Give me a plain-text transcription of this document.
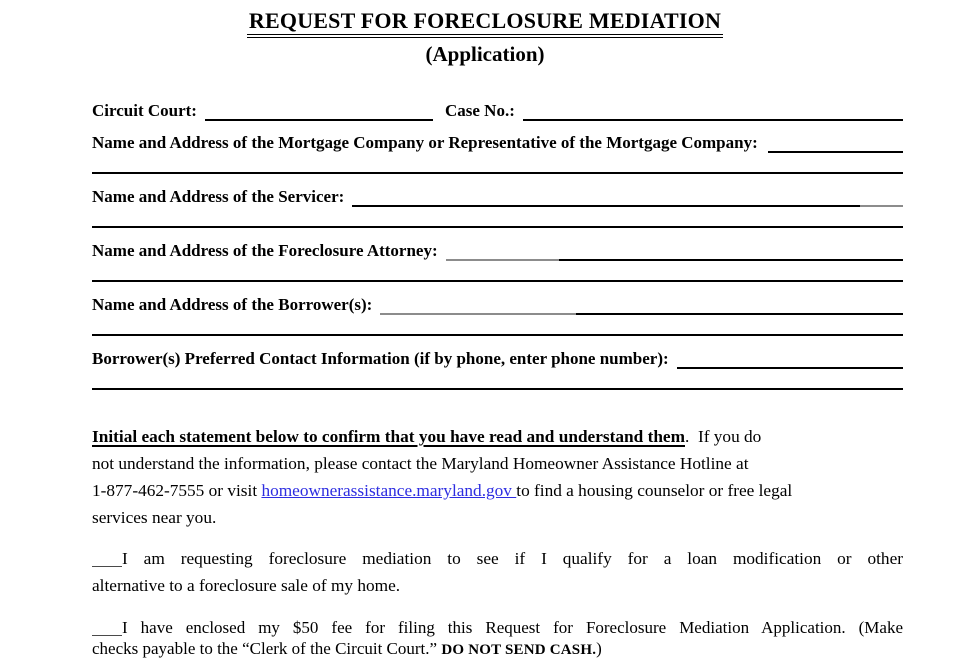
REQUEST FOR FORECLOSURE MEDIATION
(Application)
Circuit Court:	Case No.:
Name and Address of the Mortgage Company or Representative of the Mortgage Company:
Name and Address of the Servicer:
Name and Address of the Foreclosure Attorney:
Name and Address of the Borrower(s):
Borrower(s) Preferred Contact Information (if by phone, enter phone number):
Initial each statement below to confirm that you have read and understand them.  If you do
not understand the information, please contact the Maryland Homeowner Assistance Hotline at
1-877-462-7555 or visit homeownerassistance.maryland.gov to find a housing counselor or free legal
services near you.
I am requesting foreclosure mediation to see if I qualify for a loan modification or other
alternative to a foreclosure sale of my home.
I have enclosed my $50 fee for filing this Request for Foreclosure Mediation Application. (Make
checks payable to the “Clerk of the Circuit Court.” DO NOT SEND CASH.)
